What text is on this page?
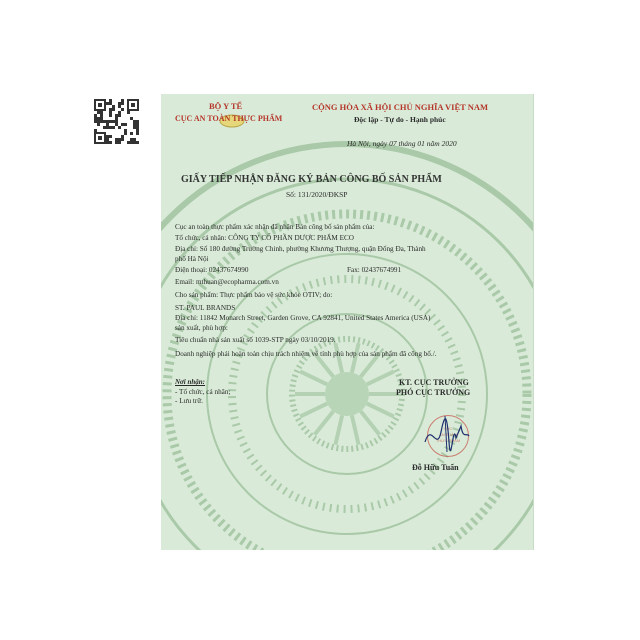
BỘ Y TẾ
CỤC AN TOÀN THỰC PHẨM
CỘNG HÒA XÃ HỘI CHỦ NGHĨA VIỆT NAM
Độc lập - Tự do - Hạnh phúc
Hà Nội, ngày 07 tháng 01 năm 2020
GIẤY TIẾP NHẬN ĐĂNG KÝ BẢN CÔNG BỐ SẢN PHẨM
Số: 131/2020/ĐKSP
Cục an toàn thực phẩm xác nhận đã nhận Bản công bố sản phẩm của:
Tổ chức, cá nhân: CÔNG TY CỔ PHẦN DƯỢC PHẨM ECO
Địa chỉ: Số 180 đường Trường Chinh, phường Khương Thượng, quận Đống Đa, Thành
phố Hà Nội
Điện thoại: 02437674990	Fax: 02437674991
Email: mthuan@ecopharma.com.vn
Cho sản phẩm: Thực phẩm bảo vệ sức khỏe OTIV; do:
ST. PAUL BRANDS
Địa chỉ: 11842 Monarch Street, Garden Grove, CA 92841, United States America (USA)
sản xuất, phù hợp:
Tiêu chuẩn nhà sản xuất số 1039-STP ngày 03/10/2019.
Doanh nghiệp phải hoàn toàn chịu trách nhiệm về tính phù hợp của sản phẩm đã công bố./.
Nơi nhận:
- Tổ chức, cá nhân;
- Lưu trữ.
KT. CỤC TRƯỞNG
PHÓ CỤC TRƯỞNG
CỤC
AN TOÀN
THỰC PHẨM
Đỗ Hữu Tuấn
